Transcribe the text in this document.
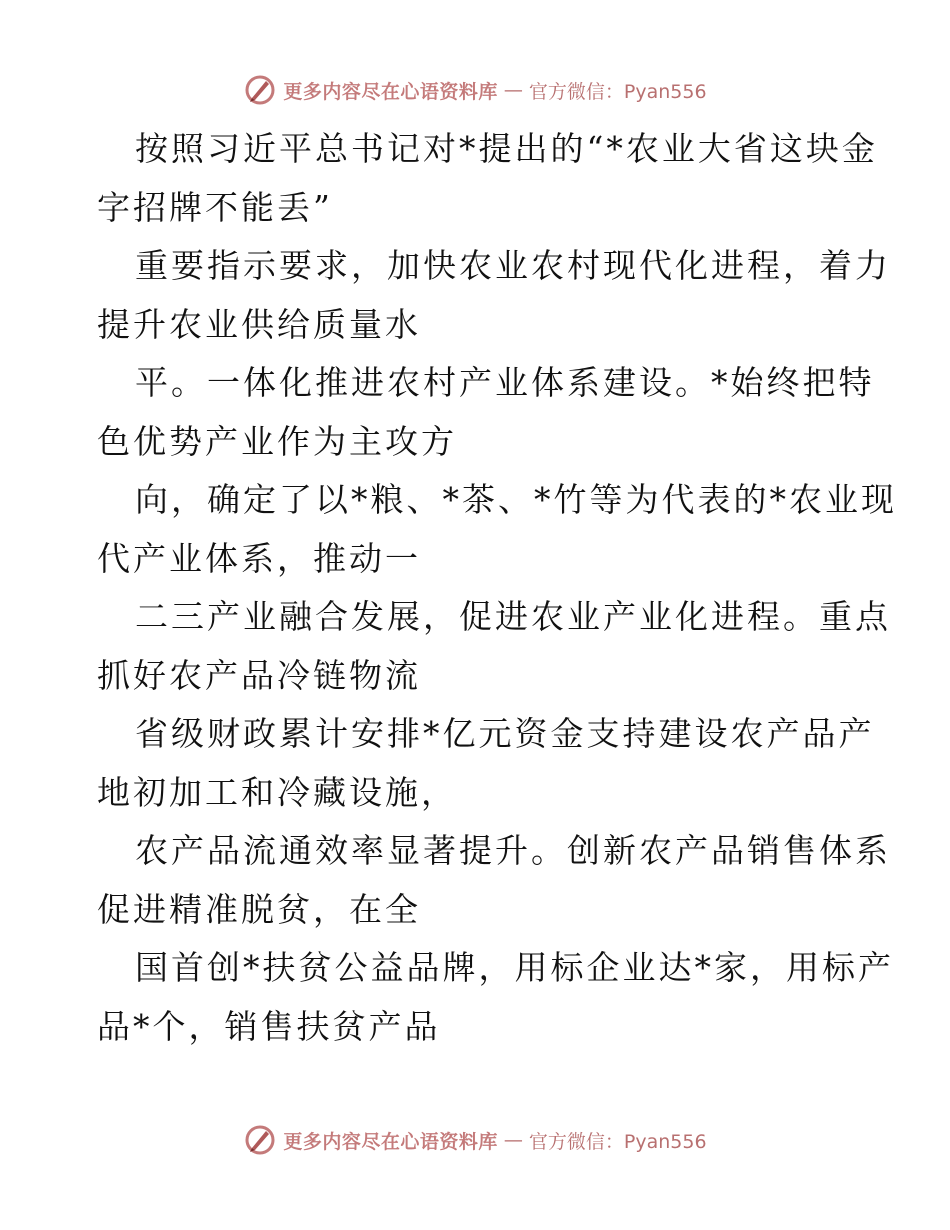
更多内容尽在心语资料库 — 官方微信：Pyan556
按照习近平总书记对*提出的“*农业大省这块金
字招牌不能丢”
重要指示要求，加快农业农村现代化进程，着力
提升农业供给质量水
平。一体化推进农村产业体系建设。*始终把特
色优势产业作为主攻方
向，确定了以*粮、*茶、*竹等为代表的*农业现
代产业体系，推动一
二三产业融合发展，促进农业产业化进程。重点
抓好农产品冷链物流
省级财政累计安排*亿元资金支持建设农产品产
地初加工和冷藏设施，
农产品流通效率显著提升。创新农产品销售体系
促进精准脱贫，在全
国首创*扶贫公益品牌，用标企业达*家，用标产
品*个，销售扶贫产品
更多内容尽在心语资料库 — 官方微信：Pyan556
